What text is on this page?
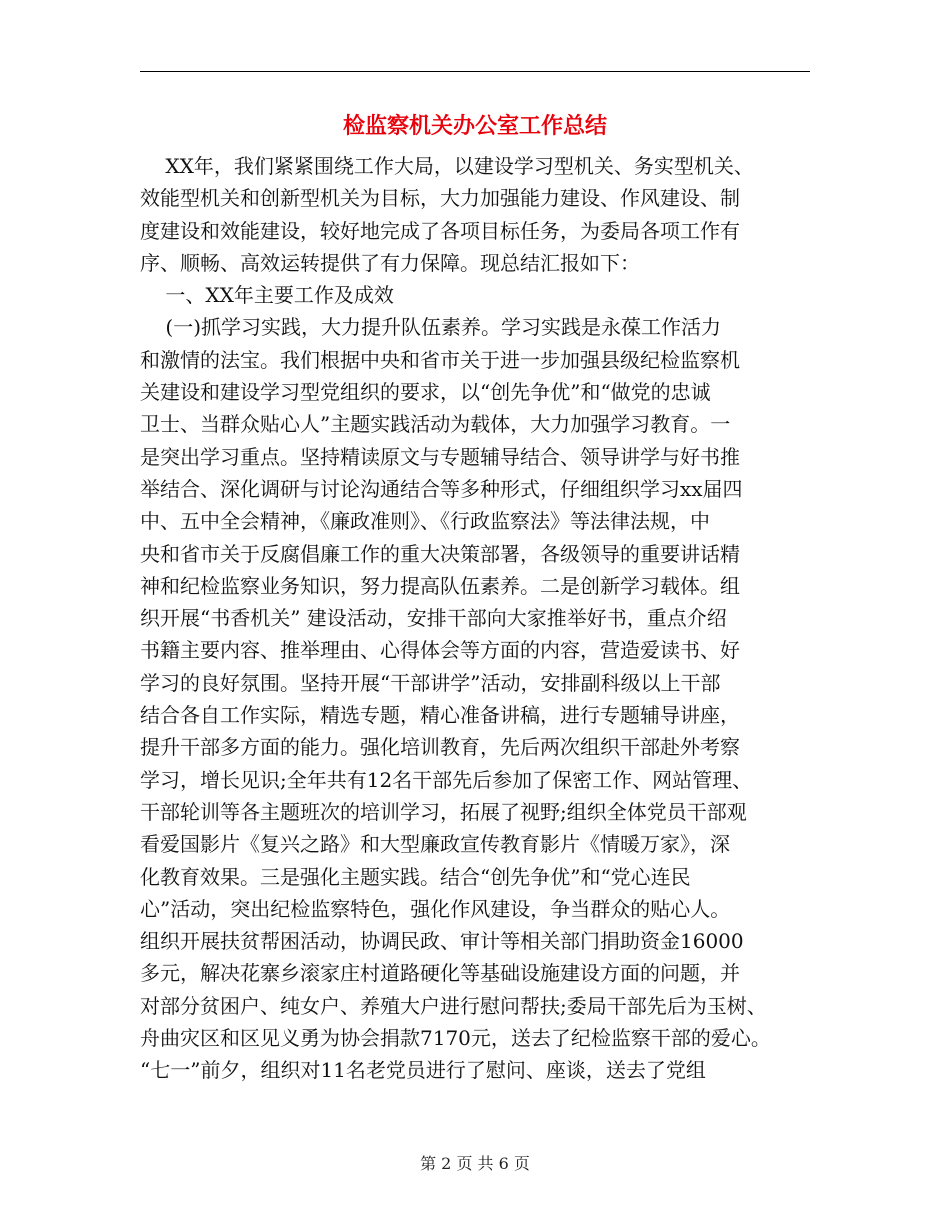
检监察机关办公室工作总结
XX年，我们紧紧围绕工作大局，以建设学习型机关、务实型机关、
效能型机关和创新型机关为目标，大力加强能力建设、作风建设、制
度建设和效能建设，较好地完成了各项目标任务，为委局各项工作有
序、顺畅、高效运转提供了有力保障。现总结汇报如下：
一、XX年主要工作及成效
(一)抓学习实践，大力提升队伍素养。学习实践是永葆工作活力
和激情的法宝。我们根据中央和省市关于进一步加强县级纪检监察机
关建设和建设学习型党组织的要求，以“创先争优”和“做党的忠诚
卫士、当群众贴心人”主题实践活动为载体，大力加强学习教育。一
是突出学习重点。坚持精读原文与专题辅导结合、领导讲学与好书推
举结合、深化调研与讨论沟通结合等多种形式，仔细组织学习xx届四
中、五中全会精神，《廉政准则》、《行政监察法》等法律法规，中
央和省市关于反腐倡廉工作的重大决策部署，各级领导的重要讲话精
神和纪检监察业务知识，努力提高队伍素养。二是创新学习载体。组
织开展“书香机关” 建设活动，安排干部向大家推举好书，重点介绍
书籍主要内容、推举理由、心得体会等方面的内容，营造爱读书、好
学习的良好氛围。坚持开展“干部讲学”活动，安排副科级以上干部
结合各自工作实际，精选专题，精心准备讲稿，进行专题辅导讲座，
提升干部多方面的能力。强化培训教育，先后两次组织干部赴外考察
学习，增长见识;全年共有12名干部先后参加了保密工作、网站管理、
干部轮训等各主题班次的培训学习，拓展了视野;组织全体党员干部观
看爱国影片《复兴之路》和大型廉政宣传教育影片《情暖万家》，深
化教育效果。三是强化主题实践。结合“创先争优”和“党心连民
心”活动，突出纪检监察特色，强化作风建设，争当群众的贴心人。
组织开展扶贫帮困活动，协调民政、审计等相关部门捐助资金16000
多元，解决花寨乡滚家庄村道路硬化等基础设施建设方面的问题，并
对部分贫困户、纯女户、养殖大户进行慰问帮扶;委局干部先后为玉树、
舟曲灾区和区见义勇为协会捐款7170元，送去了纪检监察干部的爱心。
“七一”前夕，组织对11名老党员进行了慰问、座谈，送去了党组
第 2 页 共 6 页
